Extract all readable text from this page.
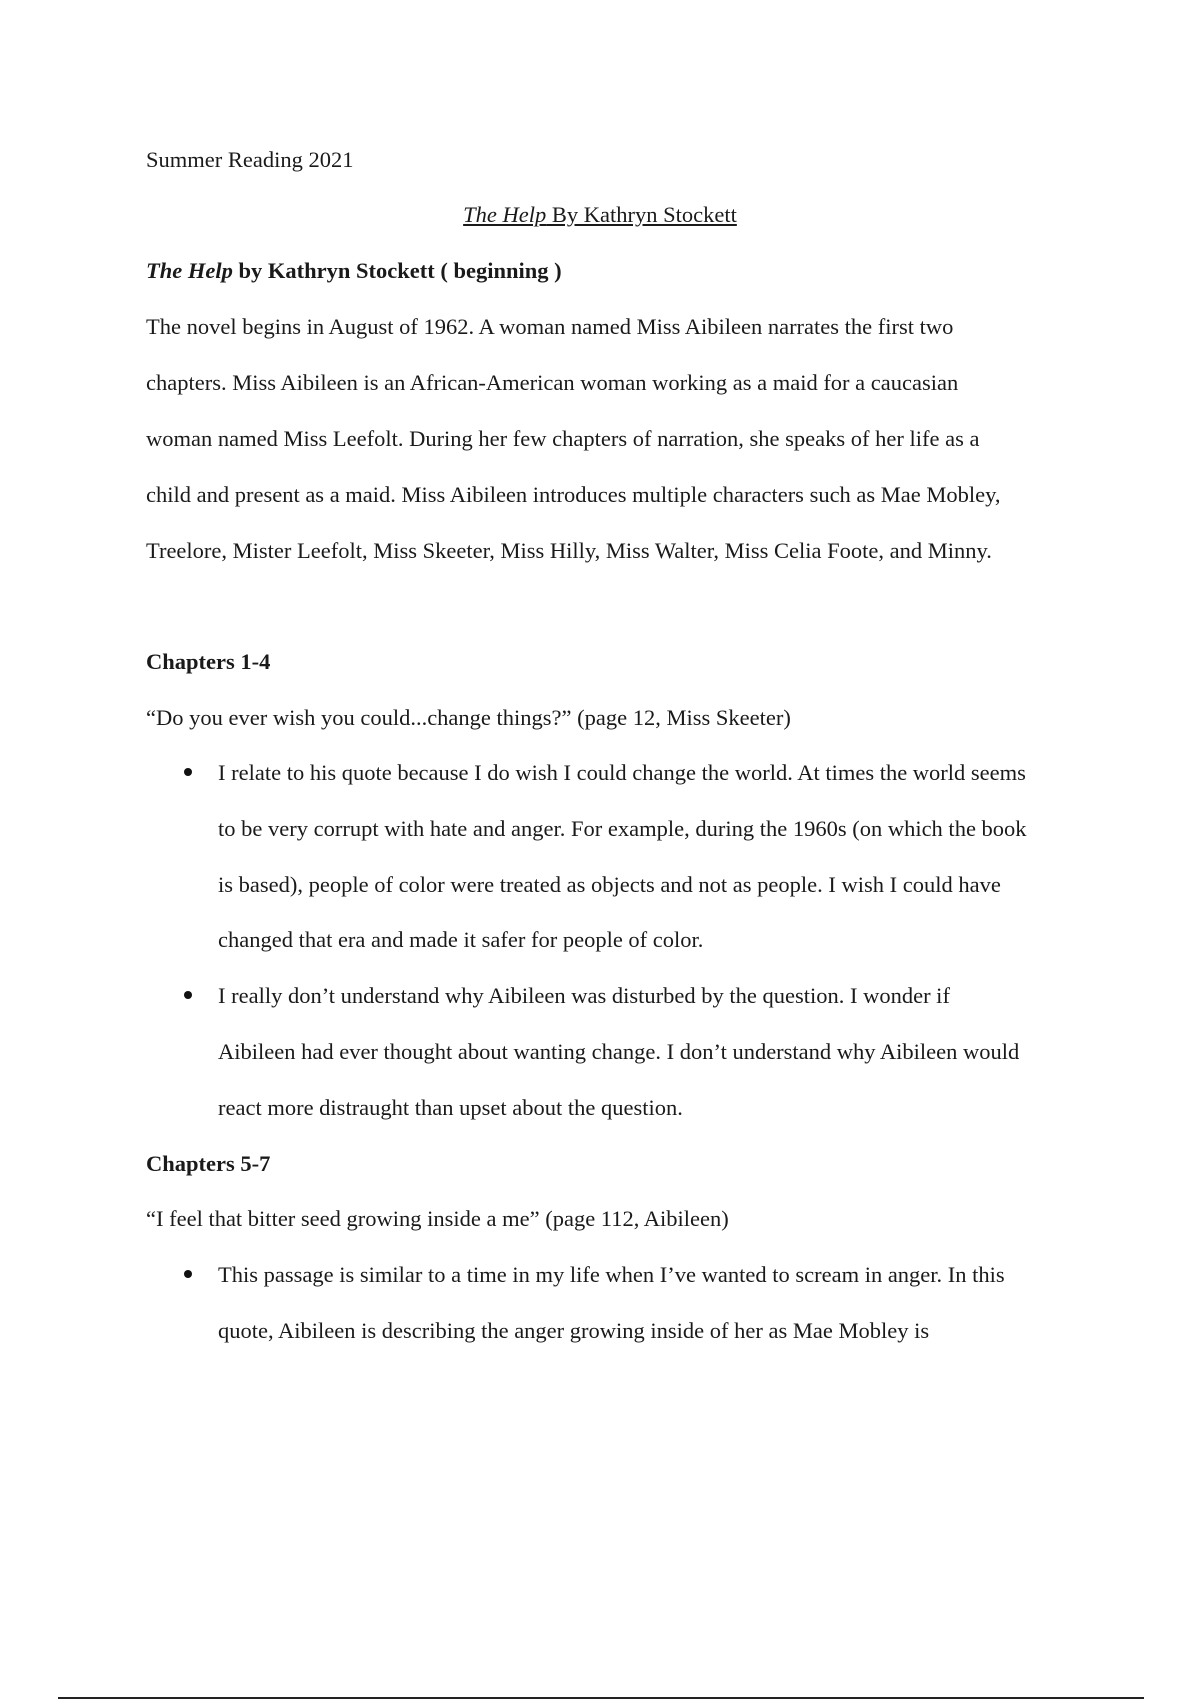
Summer Reading 2021
The Help By Kathryn Stockett
The Help by Kathryn Stockett ( beginning )
The novel begins in August of 1962. A woman named Miss Aibileen narrates the first two
chapters. Miss Aibileen is an African-American woman working as a maid for a caucasian
woman named Miss Leefolt. During her few chapters of narration, she speaks of her life as a
child and present as a maid. Miss Aibileen introduces multiple characters such as Mae Mobley,
Treelore, Mister Leefolt, Miss Skeeter, Miss Hilly, Miss Walter, Miss Celia Foote, and Minny.
Chapters 1-4
“Do you ever wish you could...change things?” (page 12, Miss Skeeter)
I relate to his quote because I do wish I could change the world. At times the world seems
to be very corrupt with hate and anger. For example, during the 1960s (on which the book
is based), people of color were treated as objects and not as people. I wish I could have
changed that era and made it safer for people of color.
I really don’t understand why Aibileen was disturbed by the question. I wonder if
Aibileen had ever thought about wanting change. I don’t understand why Aibileen would
react more distraught than upset about the question.
Chapters 5-7
“I feel that bitter seed growing inside a me” (page 112, Aibileen)
This passage is similar to a time in my life when I’ve wanted to scream in anger. In this
quote, Aibileen is describing the anger growing inside of her as Mae Mobley is
